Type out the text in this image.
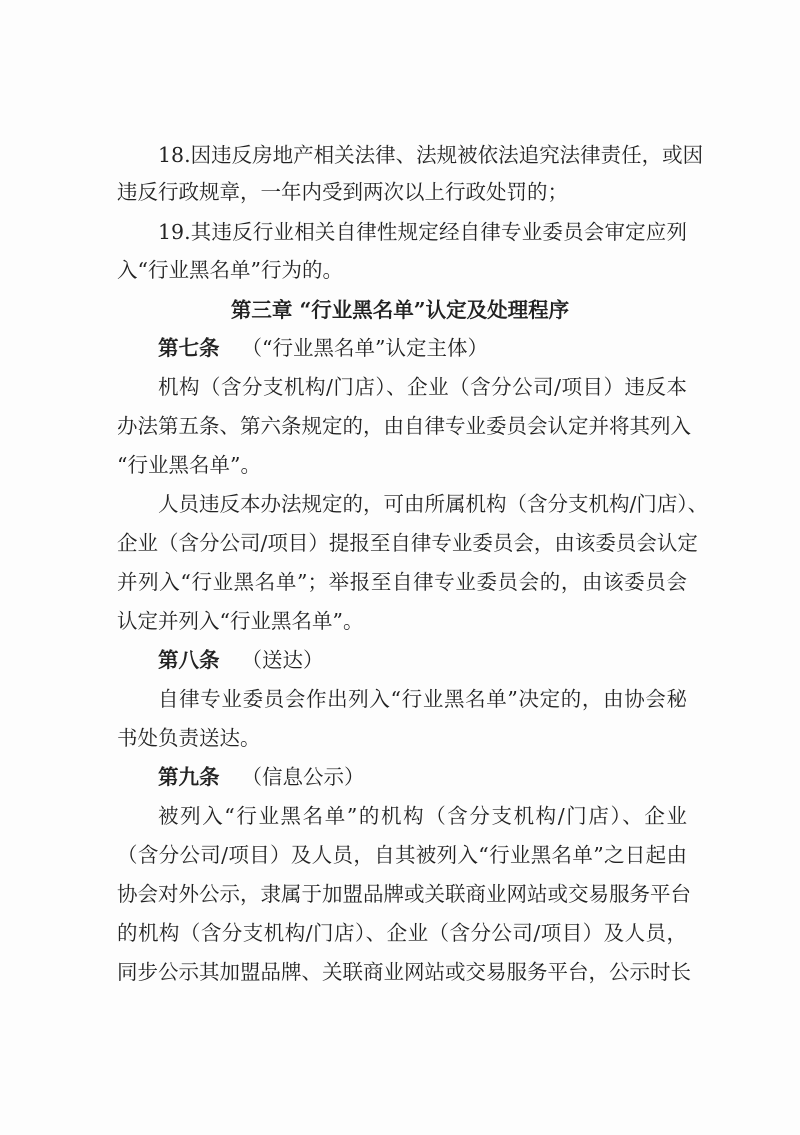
18.因违反房地产相关法律、法规被依法追究法律责任，或因
违反行政规章，一年内受到两次以上行政处罚的；
19.其违反行业相关自律性规定经自律专业委员会审定应列
入“行业黑名单”行为的。
第三章 “行业黑名单”认定及处理程序
第七条 （“行业黑名单”认定主体）
机构（含分支机构/门店）、企业（含分公司/项目）违反本
办法第五条、第六条规定的，由自律专业委员会认定并将其列入
“行业黑名单”。
人员违反本办法规定的，可由所属机构（含分支机构/门店）、
企业（含分公司/项目）提报至自律专业委员会，由该委员会认定
并列入“行业黑名单”；举报至自律专业委员会的，由该委员会
认定并列入“行业黑名单”。
第八条 （送达）
自律专业委员会作出列入“行业黑名单”决定的，由协会秘
书处负责送达。
第九条 （信息公示）
被列入“行业黑名单”的机构（含分支机构/门店）、企业
（含分公司/项目）及人员，自其被列入“行业黑名单”之日起由
协会对外公示，隶属于加盟品牌或关联商业网站或交易服务平台
的机构（含分支机构/门店）、企业（含分公司/项目）及人员，
同步公示其加盟品牌、关联商业网站或交易服务平台，公示时长
